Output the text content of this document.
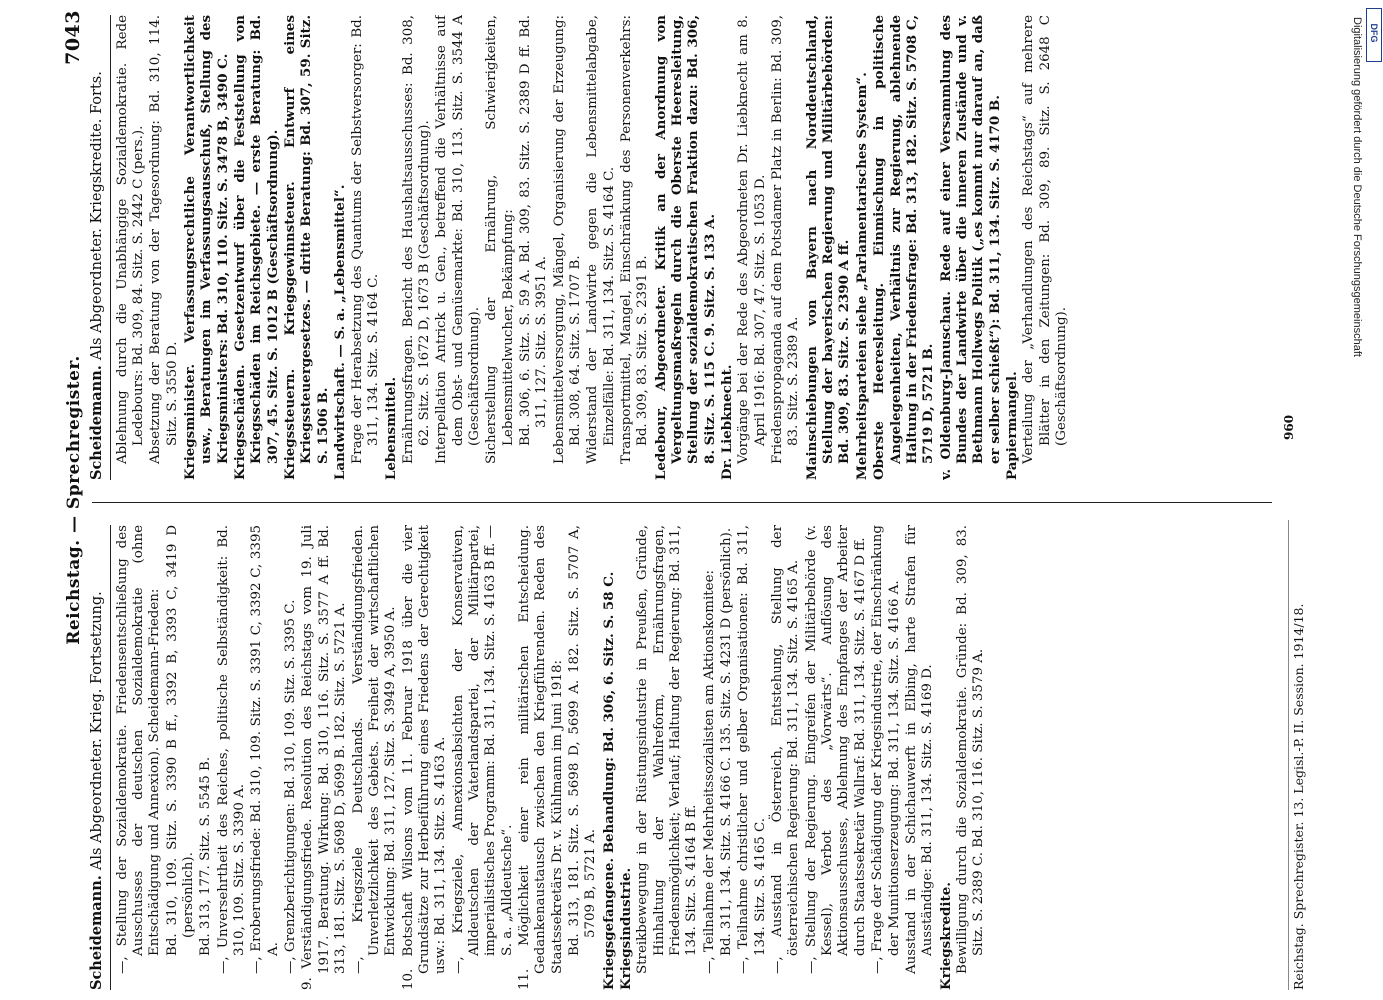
Reichstag. — Sprechregister.
7043
Scheidemann. Als Abgeordneter. Krieg. Fortsetzung. —, Stellung der Sozialdemokratie. Friedensentschließung des Ausschusses der deutschen Sozialdemokratie (ohne Entschädigung und Annexion). Scheidemann-Frieden: Bd. 310, 109. Sitz. S. 3390 B ff., 3392 B, 3393 C, 3419 D (persönlich). Bd. 313, 177. Sitz. S. 5545 B. —, Unversehrtheit des Reiches, politische Selbständigkeit: Bd. 310, 109. Sitz. S. 3390 A. —, Eroberungsfriede: Bd. 310, 109. Sitz. S. 3391 C, 3392 C, 3395 A. —, Grenzberichtigungen: Bd. 310, 109. Sitz. S. 3395 C. 9. Verständigungsfriede. Resolution des Reichstags vom 19. Juli 1917. Beratung. Wirkung: Bd. 310, 116. Sitz. S. 3577 A ff. Bd. 313, 181. Sitz. S. 5698 D, 5699 B. 182. Sitz. S. 5721 A. —, Kriegsziele Deutschlands. Verständigungsfrieden. Unverletzlichkeit des Gebiets. Freiheit der wirtschaftlichen Entwicklung: Bd. 311, 127. Sitz. S. 3949 A, 3950 A. 10. Botschaft Wilsons vom 11. Februar 1918 über die vier Grundsätze zur Herbeiführung eines Friedens der Gerechtigkeit usw.: Bd. 311, 134. Sitz. S. 4163 A. —, Kriegsziele, Annexionsabsichten der Konservativen, Alldeutschen der Vaterlandspartei, der Militärpartei, imperialistisches Programm: Bd. 311, 134. Sitz. S. 4163 B ff. — S. a. „Alldeutsche“. 11. Möglichkeit einer rein militärischen Entscheidung. Gedankenaustausch zwischen den Kriegführenden. Reden des Staatssekretärs Dr. v. Kühlmann im Juni 1918: Bd. 313, 181. Sitz. S. 5698 D, 5699 A. 182. Sitz. S. 5707 A, 5709 B, 5721 A. Kriegsgefangene. Behandlung: Bd. 306, 6. Sitz. S. 58 C. Kriegsindustrie. Streikbewegung in der Rüstungsindustrie in Preußen, Gründe, Hinhaltung der Wahlreform, Ernährungsfragen, Friedensmöglichkeit; Verlauf; Haltung der Regierung: Bd. 311, 134. Sitz. S. 4164 B ff. —, Teilnahme der Mehrheitssozialisten am Aktionskomitee: Bd. 311, 134. Sitz. S. 4166 C. 135. Sitz. S. 4231 D (persönlich). —, Teilnahme christlicher und gelber Organisationen: Bd. 311, 134. Sitz. S. 4165 C. —, Ausstand in Österreich, Entstehung, Stellung der österreichischen Regierung: Bd. 311, 134. Sitz. S. 4165 A. —, Stellung der Regierung. Eingreifen der Militärbehörde (v. Kessel), Verbot des „Vorwärts“. Auflösung des Aktionsausschusses, Ablehnung des Empfanges der Arbeiter durch Staatssekretär Wallraf: Bd. 311, 134. Sitz. S. 4167 D ff. —, Frage der Schädigung der Kriegsindustrie, der Einschränkung der Munitionserzeugung: Bd. 311, 134. Sitz. S. 4166 A. Ausstand in der Schichauwerft in Elbing, harte Strafen für Ausständige: Bd. 311, 134. Sitz. S. 4169 D. Kriegskredite. Bewilligung durch die Sozialdemokratie. Gründe: Bd. 309, 83. Sitz. S. 2389 C. Bd. 310, 116. Sitz. S. 3579 A.

Scheidemann. Als Abgeordneter. Kriegskredite. Forts. Ablehnung durch die Unabhängige Sozialdemokratie. Rede Ledebours: Bd. 309, 84. Sitz. S. 2442 C (pers.). Absetzung der Beratung von der Tagesordnung: Bd. 310, 114. Sitz. S. 3550 D. Kriegsminister. Verfassungsrechtliche Verantwortlichkeit usw., Beratungen im Verfassungsausschuß, Stellung des Kriegsministers: Bd. 310, 110. Sitz. S. 3478 B, 3490 C. Kriegsschäden. Gesetzentwurf über die Feststellung von Kriegsschäden im Reichsgebiete. — erste Beratung: Bd. 307, 45. Sitz. S. 1012 B (Geschäftsordnung). Kriegssteuern. Kriegsgewinnsteuer. Entwurf eines Kriegssteuergesetzes. — dritte Beratung: Bd. 307, 59. Sitz. S. 1506 B. Landwirtschaft. — S. a. „Lebensmittel“. Frage der Herabsetzung des Quantums der Selbstversorger: Bd. 311, 134. Sitz. S. 4164 C. Lebensmittel. Ernährungsfragen. Bericht des Haushaltsausschusses: Bd. 308, 62. Sitz. S. 1672 D, 1673 B (Geschäftsordnung). Interpellation Antrick u. Gen., betreffend die Verhältnisse auf dem Obst- und Gemüsemarkte: Bd. 310, 113. Sitz. S. 3544 A (Geschäftsordnung). Sicherstellung der Ernährung, Schwierigkeiten, Lebensmittelwucher, Bekämpfung: Bd. 306, 6. Sitz. S. 59 A. Bd. 309, 83. Sitz. S. 2389 D ff. Bd. 311, 127. Sitz. S. 3951 A. Lebensmittelversorgung, Mängel, Organisierung der Erzeugung: Bd. 308, 64. Sitz. S. 1707 B. Widerstand der Landwirte gegen die Lebensmittelabgabe, Einzelfälle: Bd. 311, 134. Sitz. S. 4164 C. Transportmittel, Mangel, Einschränkung des Personenverkehrs: Bd. 309, 83. Sitz. S. 2391 B. Ledebour, Abgeordneter. Kritik an der Anordnung von Vergeltungsmaßregeln durch die Oberste Heeresleitung, Stellung der sozialdemokratischen Fraktion dazu: Bd. 306, 8. Sitz. S. 115 C. 9. Sitz. S. 133 A. Dr. Liebknecht. Vorgänge bei der Rede des Abgeordneten Dr. Liebknecht am 8. April 1916: Bd. 307, 47. Sitz. S. 1053 D. Friedenspropaganda auf dem Potsdamer Platz in Berlin: Bd. 309, 83. Sitz. S. 2389 A. Mainschiebungen von Bayern nach Norddeutschland, Stellung der bayerischen Regierung und Militärbehörden: Bd. 309, 83. Sitz. S. 2390 A ff. Mehrheitsparteien siehe „Parlamentarisches System“. Oberste Heeresleitung. Einmischung in politische Angelegenheiten, Verhältnis zur Regierung, ablehnende Haltung in der Friedensfrage: Bd. 313, 182. Sitz. S. 5708 C, 5719 D, 5721 B. v. Oldenburg-Januschau. Rede auf einer Versammlung des Bundes der Landwirte über die inneren Zustände und v. Bethmann Hollwegs Politik („es kommt nur darauf an, daß er selber schießt“): Bd. 311, 134. Sitz. S. 4170 B. Papiermangel. Verteilung der „Verhandlungen des Reichstags“ auf mehrere Blätter in den Zeitungen: Bd. 309, 89. Sitz. S. 2648 C (Geschäftsordnung).

Reichstag. Sprechregister. 13. Legisl.-P. II. Session. 1914/18.
960
DFG
Digitalisierung gefördert durch die Deutsche Forschungsgemeinschaft
